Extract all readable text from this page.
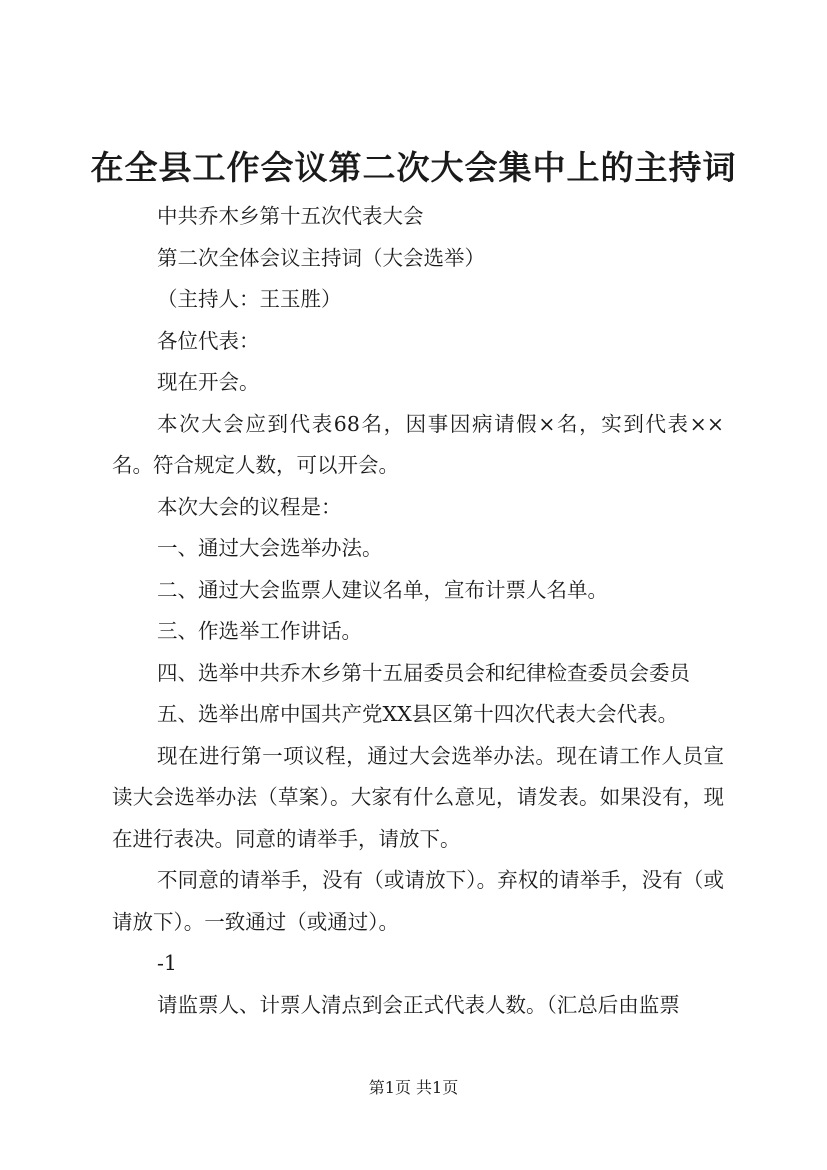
在全县工作会议第二次大会集中上的主持词

中共乔木乡第十五次代表大会

第二次全体会议主持词（大会选举）

（主持人：王玉胜）

各位代表：

现在开会。

本次大会应到代表68名，因事因病请假×名，实到代表××名。符合规定人数，可以开会。

本次大会的议程是：

一、通过大会选举办法。

二、通过大会监票人建议名单，宣布计票人名单。

三、作选举工作讲话。

四、选举中共乔木乡第十五届委员会和纪律检查委员会委员

五、选举出席中国共产党XX县区第十四次代表大会代表。

现在进行第一项议程，通过大会选举办法。现在请工作人员宣读大会选举办法（草案）。大家有什么意见，请发表。如果没有，现在进行表决。同意的请举手，请放下。

不同意的请举手，没有（或请放下）。弃权的请举手，没有（或请放下）。一致通过（或通过）。

-1

请监票人、计票人清点到会正式代表人数。（汇总后由监票

第1页 共1页
